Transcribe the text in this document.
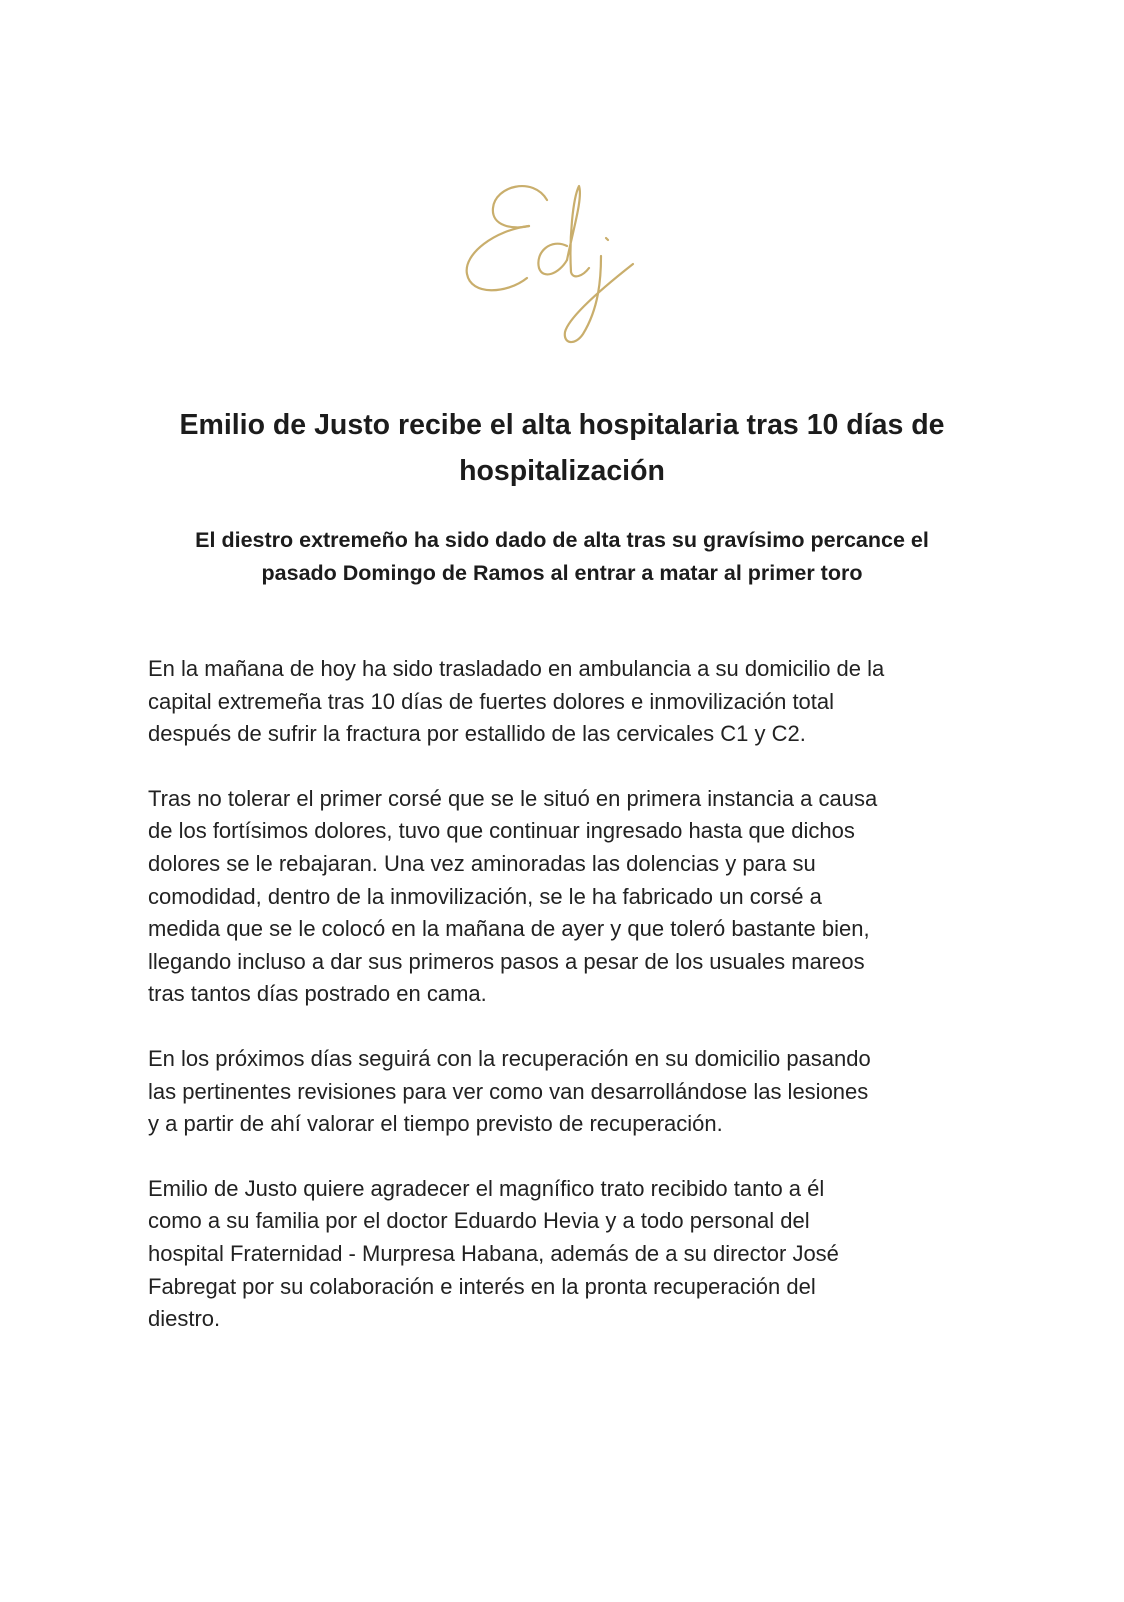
Emilio de Justo recibe el alta hospitalaria tras 10 días de
hospitalización
El diestro extremeño ha sido dado de alta tras su gravísimo percance el
pasado Domingo de Ramos al entrar a matar al primer toro

En la mañana de hoy ha sido trasladado en ambulancia a su domicilio de la
capital extremeña tras 10 días de fuertes dolores e inmovilización total
después de sufrir la fractura por estallido de las cervicales C1 y C2.

Tras no tolerar el primer corsé que se le situó en primera instancia a causa
de los fortísimos dolores, tuvo que continuar ingresado hasta que dichos
dolores se le rebajaran. Una vez aminoradas las dolencias y para su
comodidad, dentro de la inmovilización, se le ha fabricado un corsé a
medida que se le colocó en la mañana de ayer y que toleró bastante bien,
llegando incluso a dar sus primeros pasos a pesar de los usuales mareos
tras tantos días postrado en cama.

En los próximos días seguirá con la recuperación en su domicilio pasando
las pertinentes revisiones para ver como van desarrollándose las lesiones
y a partir de ahí valorar el tiempo previsto de recuperación.

Emilio de Justo quiere agradecer el magnífico trato recibido tanto a él
como a su familia por el doctor Eduardo Hevia y a todo personal del
hospital Fraternidad - Murpresa Habana, además de a su director José
Fabregat por su colaboración e interés en la pronta recuperación del
diestro.
